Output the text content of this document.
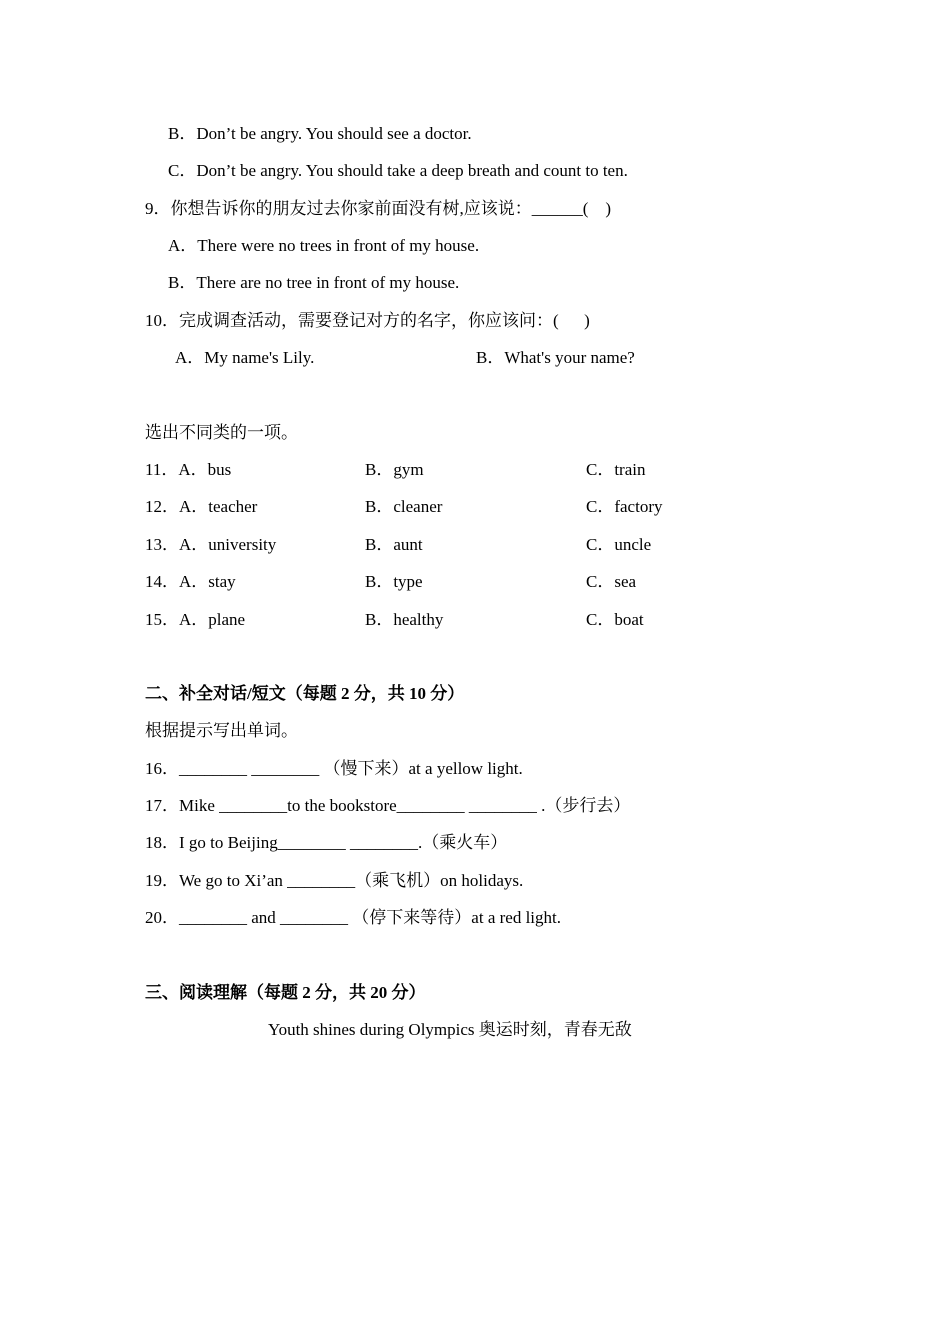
B．Don’t be angry. You should see a doctor.
C．Don’t be angry. You should take a deep breath and count to ten.
9．你想告诉你的朋友过去你家前面没有树,应该说：______(    )
A．There were no trees in front of my house.
B．There are no tree in front of my house.
10．完成调查活动，需要登记对方的名字，你应该问：(      )
A．My name's Lily.	B．What's your name?
选出不同类的一项。
11．A．bus	B．gym	C．train
12．A．teacher	B．cleaner	C．factory
13．A．university	B．aunt	C．uncle
14．A．stay	B．type	C．sea
15．A．plane	B．healthy	C．boat
二、补全对话/短文（每题 2 分，共 10 分）
根据提示写出单词。
16．________ ________ （慢下来）at a yellow light.
17．Mike ________to the bookstore________ ________ .（步行去）
18．I go to Beijing________ ________.（乘火车）
19．We go to Xi’an ________（乘飞机）on holidays.
20．________ and ________ （停下来等待）at a red light.
三、阅读理解（每题 2 分，共 20 分）
Youth shines during Olympics 奥运时刻，青春无敌
